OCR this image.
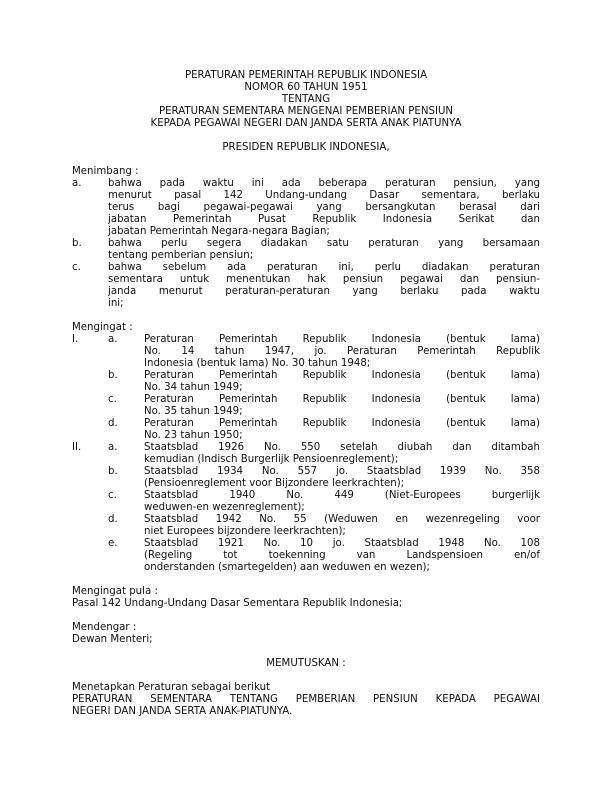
PERATURAN PEMERINTAH REPUBLIK INDONESIA
NOMOR 60 TAHUN 1951
TENTANG
PERATURAN SEMENTARA MENGENAI PEMBERIAN PENSIUN
KEPADA PEGAWAI NEGERI DAN JANDA SERTA ANAK PIATUNYA
PRESIDEN REPUBLIK INDONESIA,
Menimbang :
a.	bahwa pada waktu ini ada beberapa peraturan pensiun, yang
menurut pasal 142 Undang-undang Dasar sementara, berlaku
terus bagi pegawai-pegawai yang bersangkutan berasal dari
jabatan Pemerintah Pusat Republik Indonesia Serikat dan
jabatan Pemerintah Negara-negara Bagian;
b.	bahwa perlu segera diadakan satu peraturan yang bersamaan
tentang pemberian pensiun;
c.	bahwa sebelum ada peraturan ini, perlu diadakan peraturan
sementara untuk menentukan hak pensiun pegawai dan pensiun-
janda menurut peraturan-peraturan yang berlaku pada waktu
ini;
Mengingat :
I.	a.	Peraturan Pemerintah Republik Indonesia (bentuk lama)
No. 14 tahun 1947, jo. Peraturan Pemerintah Republik
Indonesia (bentuk lama) No. 30 tahun 1948;
b.	Peraturan Pemerintah Republik Indonesia (bentuk lama)
No. 34 tahun 1949;
c.	Peraturan Pemerintah Republik Indonesia (bentuk lama)
No. 35 tahun 1949;
d.	Peraturan Pemerintah Republik Indonesia (bentuk lama)
No. 23 tahun 1950;
II.	a.	Staatsblad 1926 No. 550 setelah diubah dan ditambah
kemudian (Indisch Burgerlijk Pensioenreglement);
b.	Staatsblad 1934 No. 557 jo. Staatsblad 1939 No. 358
(Pensioenreglement voor Bijzondere leerkrachten);
c.	Staatsblad 1940 No. 449 (Niet-Europees burgerlijk
weduwen-en wezenreglement);
d.	Staatsblad 1942 No. 55 (Weduwen en wezenregeling voor
niet Europees bijzondere leerkrachten);
e.	Staatsblad 1921 No. 10 jo. Staatsblad 1948 No. 108
(Regeling tot toekenning van Landspensioen en/of
onderstanden (smartegelden) aan weduwen en wezen);
Mengingat pula :
Pasal 142 Undang-Undang Dasar Sementara Republik Indonesia;
Mendengar :
Dewan Menteri;
MEMUTUSKAN :
Menetapkan Peraturan sebagai berikut
PERATURAN SEMENTARA TENTANG PEMBERIAN PENSIUN KEPADA PEGAWAI
NEGERI DAN JANDA SERTA ANAK-PIATUNYA.
